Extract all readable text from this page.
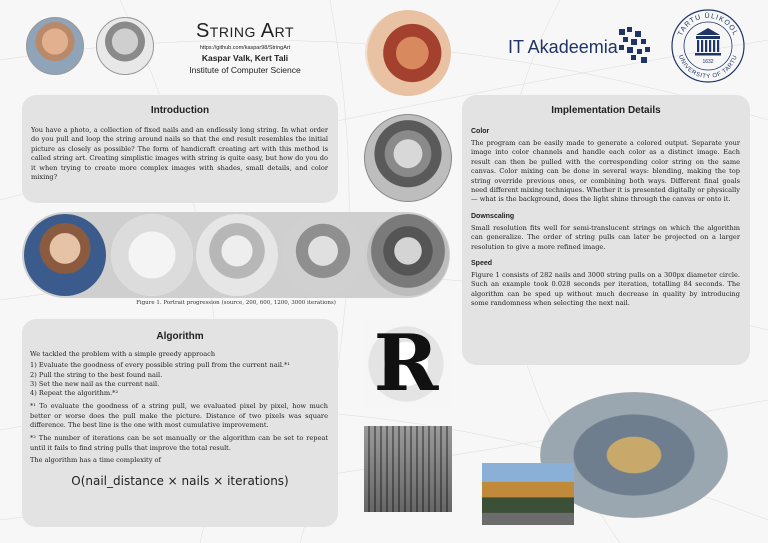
String Art
https://github.com/kaspar98/StringArt
Kaspar Valk, Kert Tali
Institute of Computer Science
IT Akadeemia
TARTU ÜLIKOOL
UNIVERSITY OF TARTU
1632
Introduction
You have a photo, a collection of fixed nails and an endlessly long string. In what order do you pull and loop the string around nails so that the end result resembles the initial picture as closely as possible? The form of handicraft creating art with this method is called string art. Creating simplistic images with string is quite easy, but how do you do it when trying to create more complex images with shades, small details, and color mixing?
Figure 1. Portrait progression (source, 200, 600, 1200, 3000 iterations)
Algorithm
We tackled the problem with a simple greedy approach
1) Evaluate the goodness of every possible string pull from the current nail.*¹
2) Pull the string to the best found nail.
3) Set the new nail as the current nail.
4) Repeat the algorithm.*²
*¹ To evaluate the goodness of a string pull, we evaluated pixel by pixel, how much better or worse does the pull make the picture. Distance of two pixels was square difference. The best line is the one with most cumulative improvement.
*² The number of iterations can be set manually or the algorithm can be set to repeat until it fails to find string pulls that improve the total result.
The algorithm has a time complexity of
O(nail_distance × nails × iterations)
R
Implementation Details
Color
The program can be easily made to generate a colored output. Separate your image into color channels and handle each color as a distinct image. Each result can then be pulled with the corresponding color string on the same canvas. Color mixing can be done in several ways: blending, making the top string override previous ones, or combining both ways. Different final goals need different mixing techniques. Whether it is presented digitally or physically — what is the background, does the light shine through the canvas or onto it.
Downscaling
Small resolution fits well for semi-translucent strings on which the algorithm can generalize. The order of string pulls can later be projected on a larger resolution to give a more refined image.
Speed
Figure 1 consists of 282 nails and 3000 string pulls on a 300px diameter circle. Such an example took 0.028 seconds per iteration, totalling 84 seconds. The algorithm can be sped up without much decrease in quality by introducing some randomness when selecting the next nail.
